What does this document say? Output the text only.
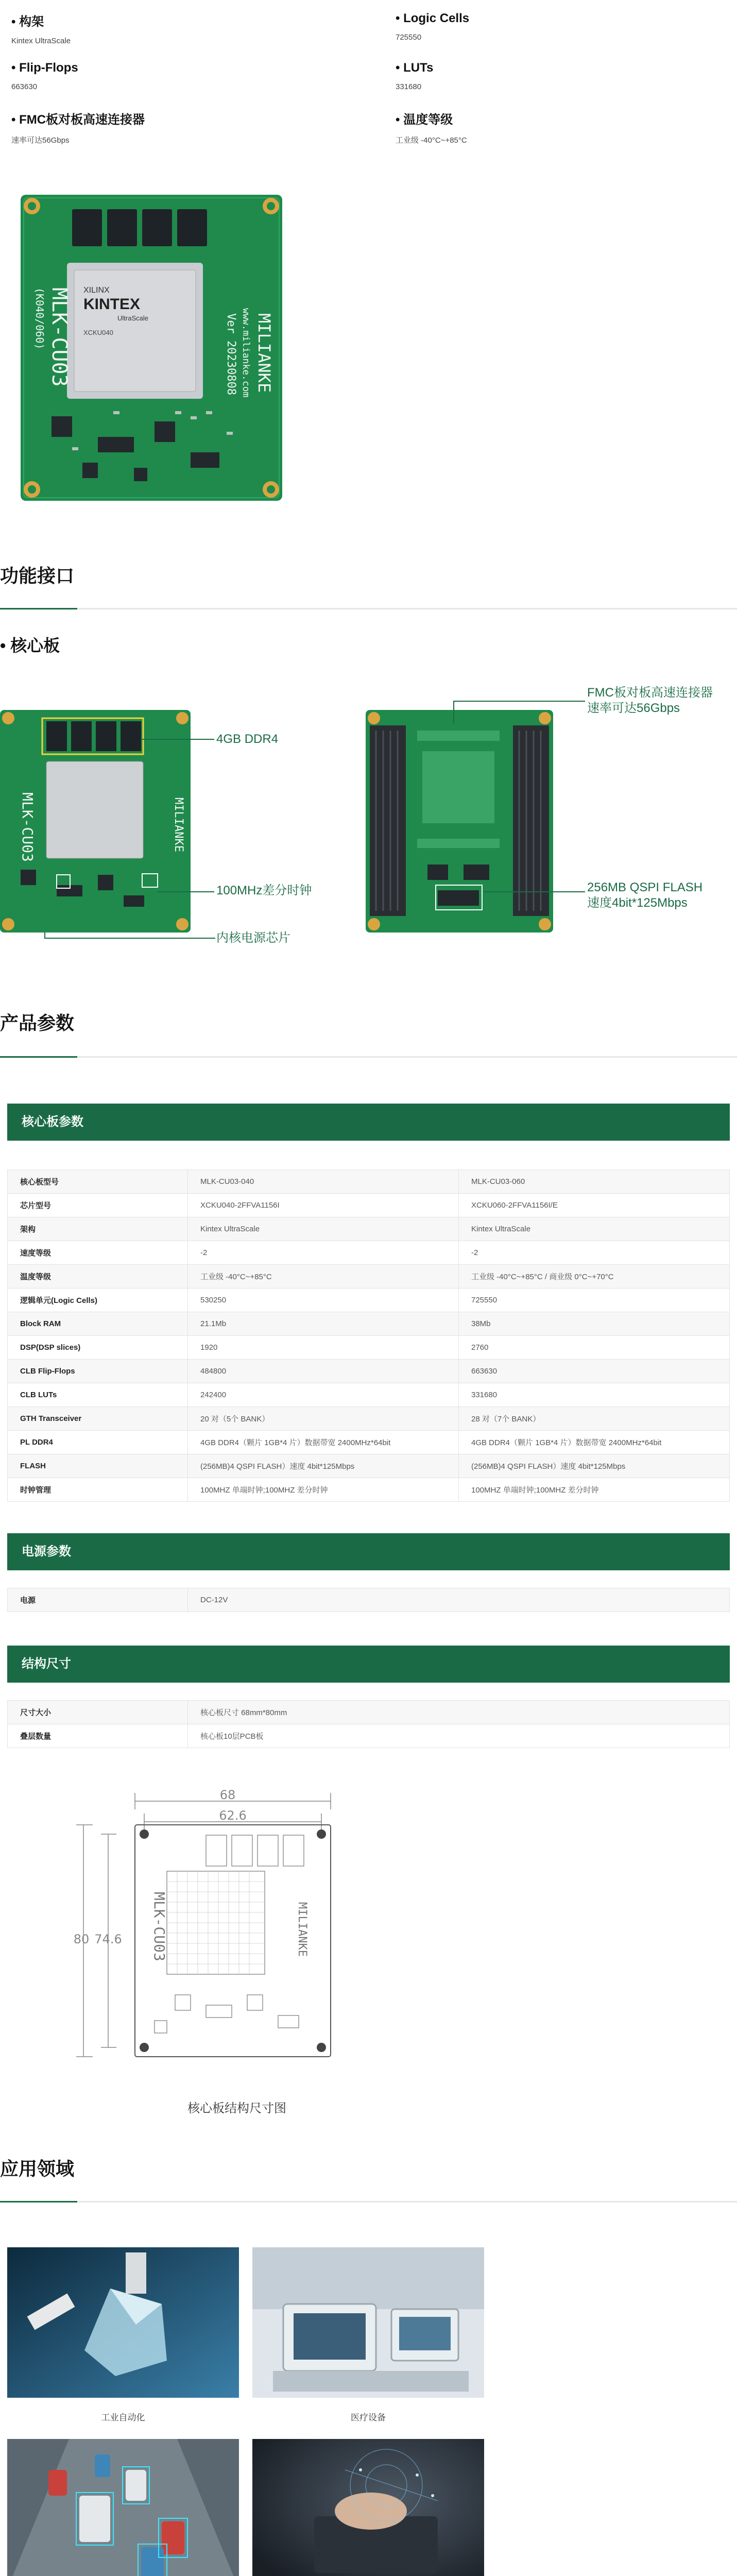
• 构架
Kintex UltraScale
• Logic Cells
725550
• Flip-Flops
663630
• LUTs
331680
• FMC板对板高速连接器
速率可达56Gbps
• 温度等级
工业级 -40°C~+85°C
XILINX
KINTEX
UltraScale
XCKU040
MLK-CU03
(K040/060)	MILIANKE
www.milianke.com
Ver 20230808
功能接口
• 核心板
MLK-CU03	MILIANKE
4GB DDR4
100MHz差分时钟
内核电源芯片
FMC板对板高速连接器
速率可达56Gbps
256MB QSPI FLASH
速度4bit*125Mbps
产品参数
核心板参数
核心板型号	MLK-CU03-040	MLK-CU03-060
芯片型号	XCKU040-2FFVA1156I	XCKU060-2FFVA1156I/E
架构	Kintex UltraScale	Kintex UltraScale
速度等级	-2	-2
温度等级	工业级 -40°C~+85°C	工业级 -40°C~+85°C / 商业级 0°C~+70°C
逻辑单元(Logic Cells)	530250	725550
Block RAM	21.1Mb	38Mb
DSP(DSP slices)	1920	2760
CLB Flip-Flops	484800	663630
CLB LUTs	242400	331680
GTH Transceiver	20 对（5个 BANK）	28 对（7个 BANK）
PL DDR4	4GB DDR4（颗片 1GB*4 片）数据带宽 2400MHz*64bit	4GB DDR4（颗片 1GB*4 片）数据带宽 2400MHz*64bit
FLASH	(256MB)4 QSPI FLASH）速度 4bit*125Mbps	(256MB)4 QSPI FLASH）速度 4bit*125Mbps
时钟管理	100MHZ 单端时钟;100MHZ 差分时钟	100MHZ 单端时钟;100MHZ 差分时钟
电源参数
电源	DC-12V
结构尺寸
尺寸大小	核心板尺寸 68mm*80mm
叠层数量	核心板10层PCB板
MLK-CU03	MILIANKE
68
62.6
80 74.6
核心板结构尺寸图
应用领域
工业自动化	医疗设备
